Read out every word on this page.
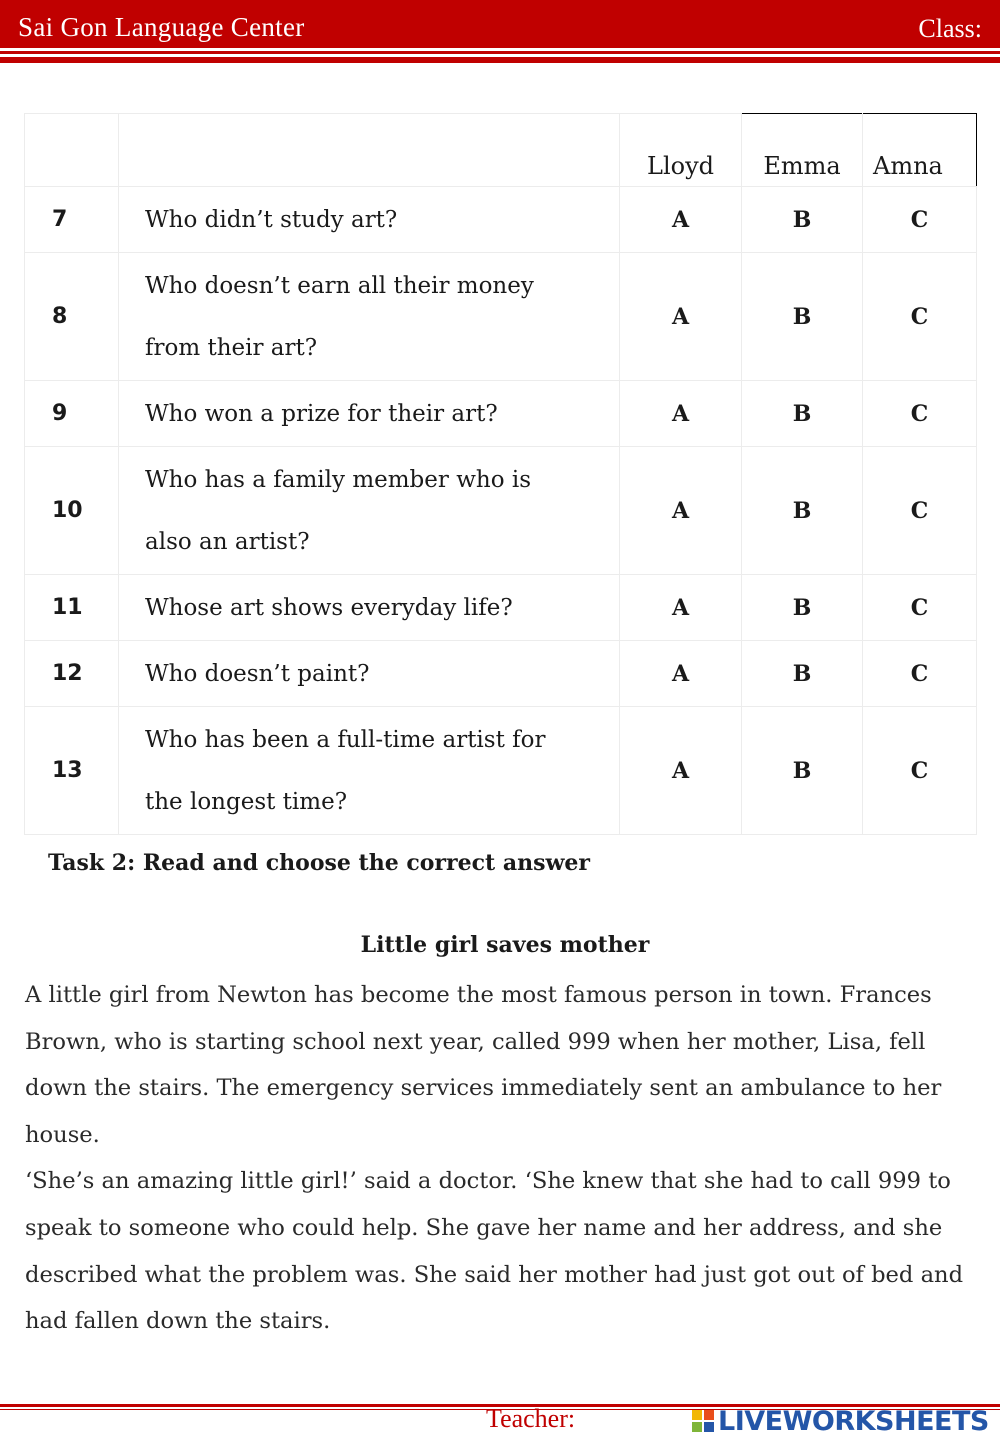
Sai Gon Language Center	Class:
		Lloyd	Emma	Amna
7	Who didn’t study art?	A	B	C
8	Who doesn’t earn all their money
from their art?	A	B	C
9	Who won a prize for their art?	A	B	C
10	Who has a family member who is
also an artist?	A	B	C
11	Whose art shows everyday life?	A	B	C
12	Who doesn’t paint?	A	B	C
13	Who has been a full-time artist for
the longest time?	A	B	C
Task 2: Read and choose the correct answer
Little girl saves mother

A little girl from Newton has become the most famous person in town. Frances Brown, who is starting school next year, called 999 when her mother, Lisa, fell down the stairs. The emergency services immediately sent an ambulance to her house.

‘She’s an amazing little girl!’ said a doctor. ‘She knew that she had to call 999 to speak to someone who could help. She gave her name and her address, and she described what the problem was. She said her mother had just got out of bed and had fallen down the stairs.

Teacher:	LIVEWORKSHEETS
